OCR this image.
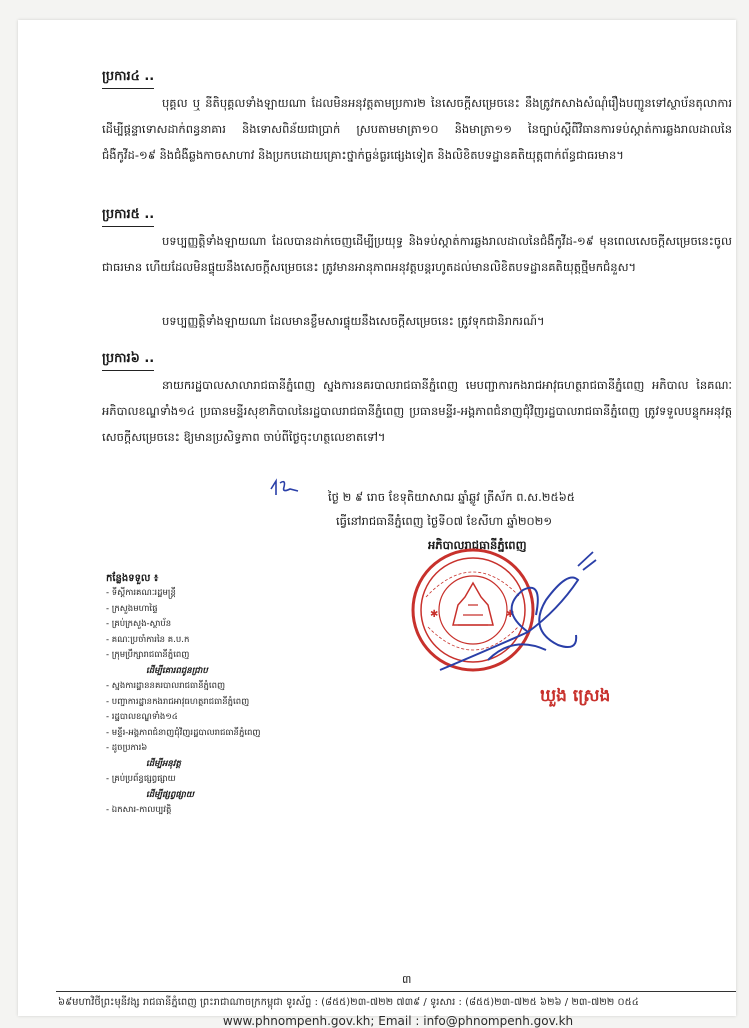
ប្រការ៤ ..

បុគ្គល ឬ នីតិបុគ្គលទាំងឡាយណា ដែលមិនអនុវត្តតាមប្រការ២ នៃសេចក្ដីសម្រេចនេះ នឹងត្រូវកសាងសំណុំរឿងបញ្ជូនទៅស្ថាប័នតុលាការ ដើម្បីផ្ដន្ទាទោសដាក់ពន្ធនាគារ និងទោសពិន័យជាប្រាក់ ស្របតាមមាត្រា១០ និងមាត្រា១១ នៃច្បាប់ស្ដីពីវិធានការទប់ស្កាត់ការឆ្លងរាលដាលនៃជំងឺកូវីដ-១៩ និងជំងឺឆ្លងកាចសាហាវ និងប្រកបដោយគ្រោះថ្នាក់ធ្ងន់ធ្ងរផ្សេងទៀត និងលិខិតបទដ្ឋានគតិយុត្តពាក់ព័ន្ធជាធរមាន។

ប្រការ៥ ..

បទប្បញ្ញត្តិទាំងឡាយណា ដែលបានដាក់ចេញដើម្បីប្រយុទ្ធ និងទប់ស្កាត់ការឆ្លងរាលដាលនៃជំងឺកូវីដ-១៩ មុនពេលសេចក្ដីសម្រេចនេះចូលជាធរមាន ហើយដែលមិនផ្ទុយនឹងសេចក្ដីសម្រេចនេះ ត្រូវមានអានុភាពអនុវត្តបន្តរហូតដល់មានលិខិតបទដ្ឋានគតិយុត្តថ្មីមកជំនួស។

បទប្បញ្ញត្តិទាំងឡាយណា ដែលមានខ្លឹមសារផ្ទុយនឹងសេចក្ដីសម្រេចនេះ ត្រូវទុកជានិរាករណ៍។

ប្រការ៦ ..

នាយករដ្ឋបាលសាលារាជធានីភ្នំពេញ ស្នងការនគរបាលរាជធានីភ្នំពេញ មេបញ្ជាការកងរាជអាវុធហត្ថរាជធានីភ្នំពេញ អភិបាល នៃគណៈអភិបាលខណ្ឌទាំង១៤ ប្រធានមន្ទីរសុខាភិបាលនៃរដ្ឋបាលរាជធានីភ្នំពេញ ប្រធានមន្ទីរ-អង្គភាពជំនាញជុំវិញរដ្ឋបាលរាជធានីភ្នំពេញ ត្រូវទទួលបន្ទុកអនុវត្តសេចក្ដីសម្រេចនេះ ឱ្យមានប្រសិទ្ធភាព ចាប់ពីថ្ងៃចុះហត្ថលេខាតទៅ។

ថ្ងៃ ២ ៩ រោច ខែទុតិយាសាឍ ឆ្នាំឆ្លូវ ត្រីស័ក ព.ស.២៥៦៥
ធ្វើនៅរាជធានីភ្នំពេញ ថ្ងៃទី០៧ ខែសីហា ឆ្នាំ២០២១
អភិបាលរាជធានីភ្នំពេញ
កន្លែងទទួល ៖
- ទីស្ដីការគណៈរដ្ឋមន្ត្រី
- ក្រសួងមហាផ្ទៃ
- គ្រប់ក្រសួង-ស្ថាប័ន
- គណៈប្រចាំការនៃ គ.ប.ក
- ក្រុមប្រឹក្សារាជធានីភ្នំពេញ
ដើម្បីគោរពជូនជ្រាប
- ស្នងការដ្ឋាននគរបាលរាជធានីភ្នំពេញ
- បញ្ជាការដ្ឋានកងរាជអាវុធហត្ថរាជធានីភ្នំពេញ
- រដ្ឋបាលខណ្ឌទាំង១៤
- មន្ទីរ-អង្គភាពជំនាញជុំវិញរដ្ឋបាលរាជធានីភ្នំពេញ
- ដូចប្រការ៦
ដើម្បីអនុវត្ត
- គ្រប់ប្រព័ន្ធផ្សព្វផ្សាយ
ដើម្បីផ្សព្វផ្សាយ
- ឯកសារ-កាលប្បវត្តិ
✱	✱
ឃួង ស្រេង
៣
៦៩មហាវិថីព្រះមុនីវង្ស រាជធានីភ្នំពេញ ព្រះរាជាណាចក្រកម្ពុជា ទូរស័ព្ទ : (៨៥៥)២៣-៧២២ ៧៣៩ / ទូរសារ : (៨៥៥)២៣-៧២៥ ៦២៦ / ២៣-៧២២ ០៥៤
www.phnompenh.gov.kh; Email : info@phnompenh.gov.kh
